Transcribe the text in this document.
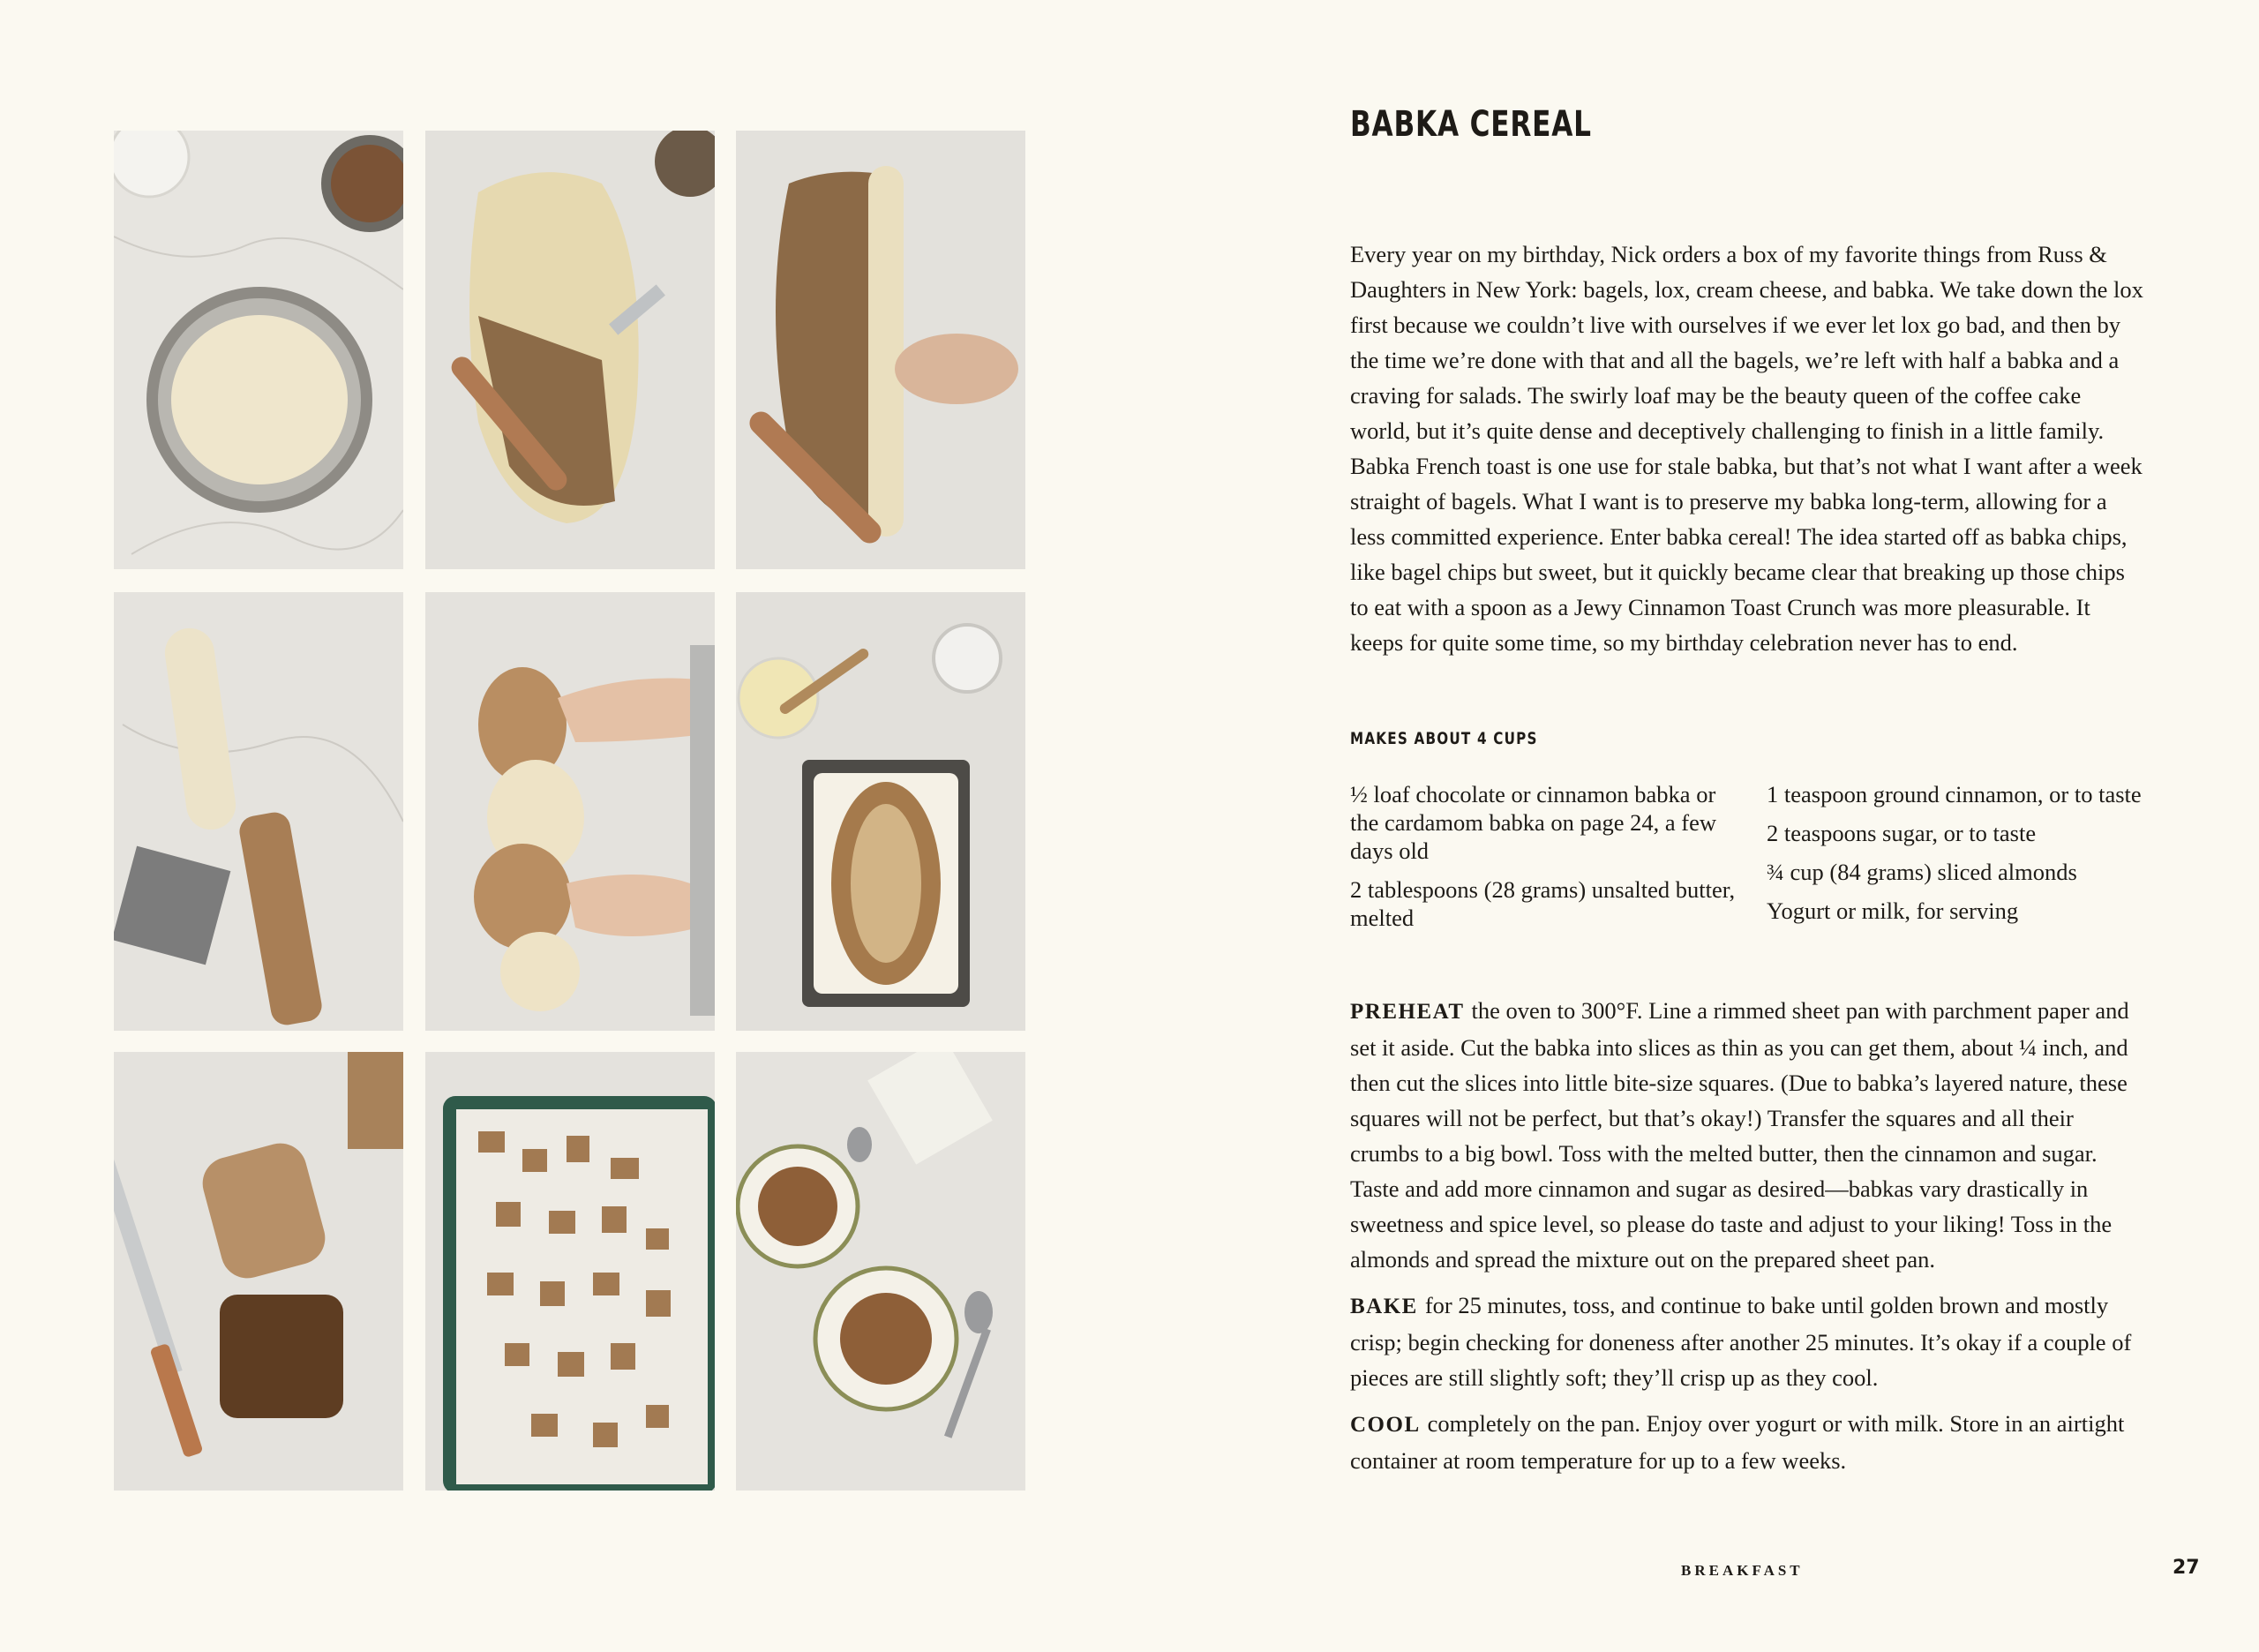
BABKA CEREAL

Every year on my birthday, Nick orders a box of my favorite things from Russ & Daughters in New York: bagels, lox, cream cheese, and babka. We take down the lox first because we couldn’t live with ourselves if we ever let lox go bad, and then by the time we’re done with that and all the bagels, we’re left with half a babka and a craving for salads. The swirly loaf may be the beauty queen of the coffee cake world, but it’s quite dense and deceptively challenging to finish in a little family. Babka French toast is one use for stale babka, but that’s not what I want after a week straight of bagels. What I want is to preserve my babka long-term, allowing for a less committed experience. Enter babka cereal! The idea started off as babka chips, like bagel chips but sweet, but it quickly became clear that breaking up those chips to eat with a spoon as a Jewy Cinnamon Toast Crunch was more pleasurable. It keeps for quite some time, so my birthday celebration never has to end.

MAKES ABOUT 4 CUPS
½ loaf chocolate or cinnamon babka or the cardamom babka on page 24, a few days old
2 tablespoons (28 grams) unsalted butter, melted
1 teaspoon ground cinnamon, or to taste
2 teaspoons sugar, or to taste
¾ cup (84 grams) sliced almonds
Yogurt or milk, for serving

PREHEAT the oven to 300°F. Line a rimmed sheet pan with parchment paper and set it aside. Cut the babka into slices as thin as you can get them, about ¼ inch, and then cut the slices into little bite-size squares. (Due to babka’s layered nature, these squares will not be perfect, but that’s okay!) Transfer the squares and all their crumbs to a big bowl. Toss with the melted butter, then the cinnamon and sugar. Taste and add more cinnamon and sugar as desired—babkas vary drastically in sweetness and spice level, so please do taste and adjust to your liking! Toss in the almonds and spread the mixture out on the prepared sheet pan.

BAKE for 25 minutes, toss, and continue to bake until golden brown and mostly crisp; begin checking for doneness after another 25 minutes. It’s okay if a couple of pieces are still slightly soft; they’ll crisp up as they cool.

COOL completely on the pan. Enjoy over yogurt or with milk. Store in an airtight container at room temperature for up to a few weeks.

BREAKFAST	27
